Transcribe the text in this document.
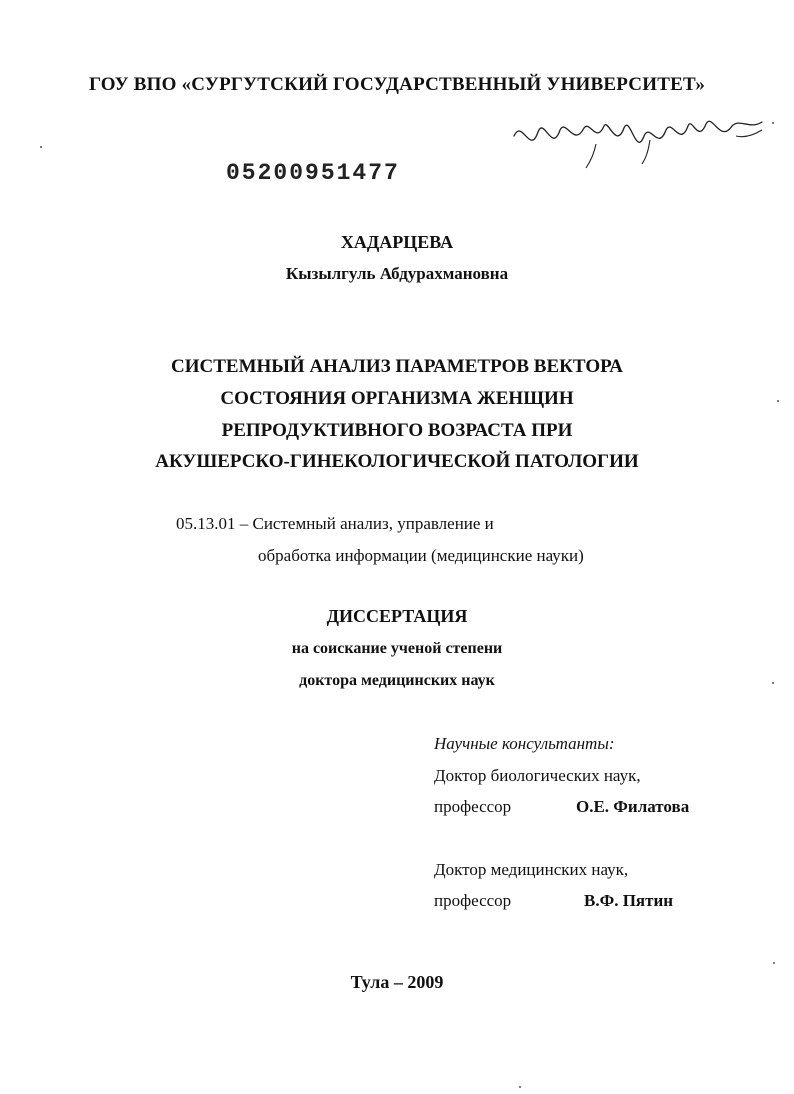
ГОУ ВПО «СУРГУТСКИЙ ГОСУДАРСТВЕННЫЙ УНИВЕРСИТЕТ»
05200951477
ХАДАРЦЕВА
Кызылгуль Абдурахмановна
СИСТЕМНЫЙ АНАЛИЗ ПАРАМЕТРОВ ВЕКТОРА
СОСТОЯНИЯ ОРГАНИЗМА ЖЕНЩИН
РЕПРОДУКТИВНОГО ВОЗРАСТА ПРИ
АКУШЕРСКО-ГИНЕКОЛОГИЧЕСКОЙ ПАТОЛОГИИ
05.13.01 – Системный анализ, управление и
обработка информации (медицинские науки)
ДИССЕРТАЦИЯ
на соискание ученой степени
доктора медицинских наук
Научные консультанты:
Доктор биологических наук,
профессор	О.Е. Филатова
Доктор медицинских наук,
профессор	В.Ф. Пятин
Тула – 2009
